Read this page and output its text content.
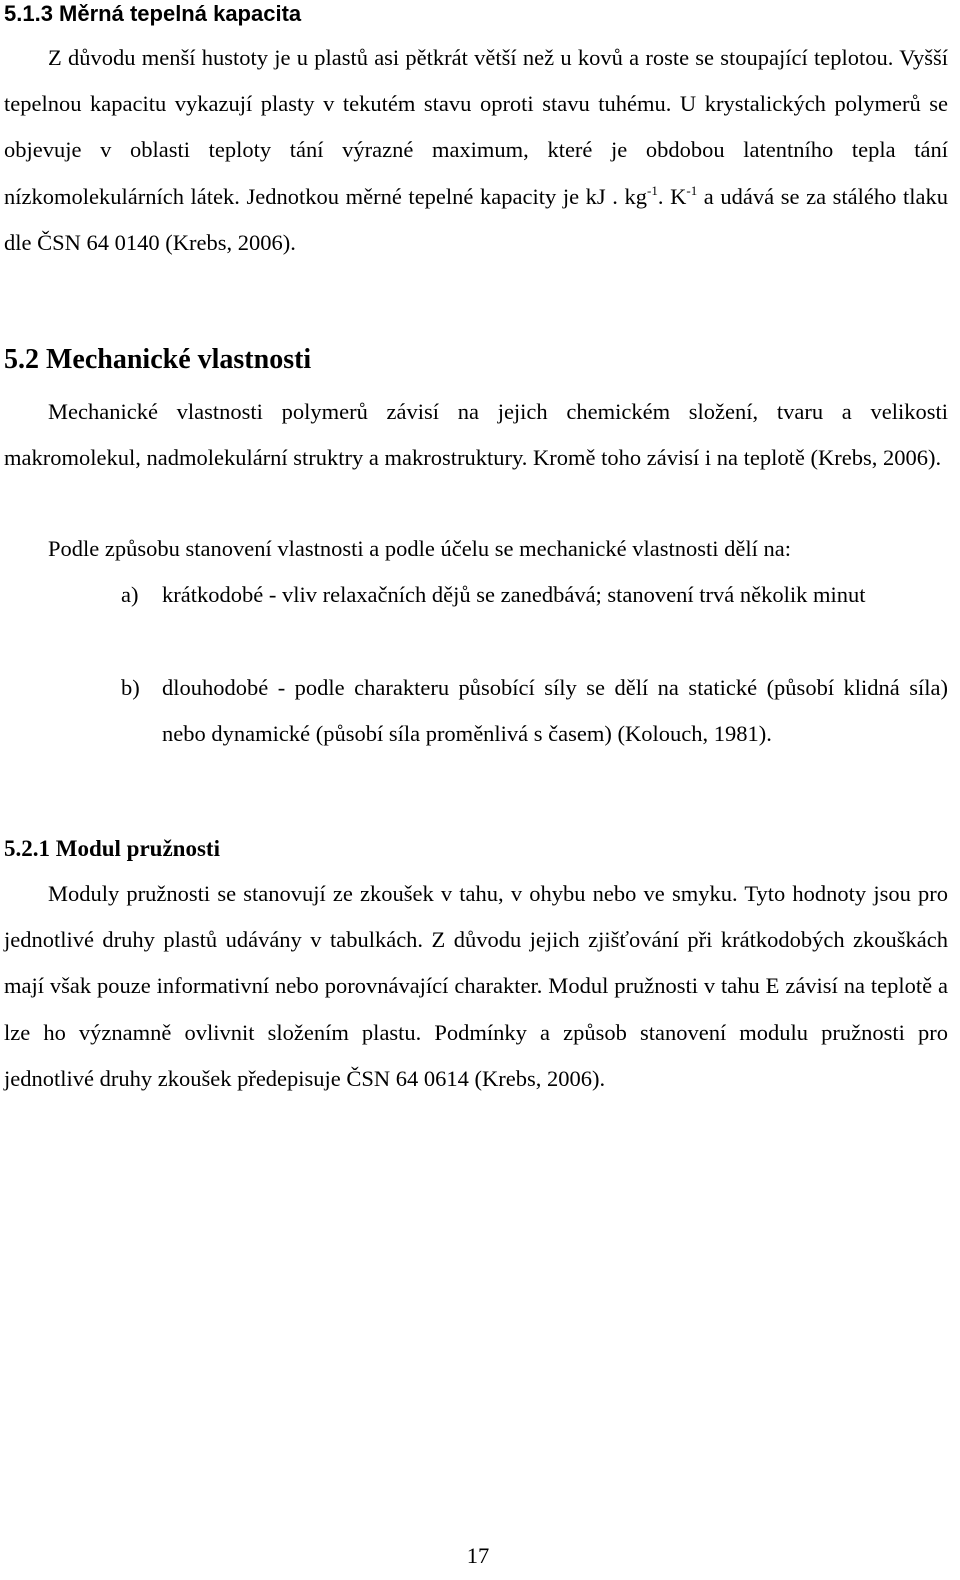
5.1.3 Měrná tepelná kapacita

Z důvodu menší hustoty je u plastů asi pětkrát větší než u kovů a roste se stoupající teplotou. Vyšší tepelnou kapacitu vykazují plasty v tekutém stavu oproti stavu tuhému. U krystalických polymerů se objevuje v oblasti teploty tání výrazné maximum, které je obdobou latentního tepla tání nízkomolekulárních látek. Jednotkou měrné tepelné kapacity je kJ . $kg^{-1}$. $K^{-1}$ a udává se za stálého tlaku dle ČSN 64 0140 (Krebs, 2006).

5.2 Mechanické vlastnosti

Mechanické vlastnosti polymerů závisí na jejich chemickém složení, tvaru a velikosti makromolekul, nadmolekulární struktry a makrostruktury. Kromě toho závisí i na teplotě (Krebs, 2006).

Podle způsobu stanovení vlastnosti a podle účelu se mechanické vlastnosti dělí na:

a) krátkodobé - vliv relaxačních dějů se zanedbává; stanovení trvá několik minut
b) dlouhodobé - podle charakteru působící síly se dělí na statické (působí klidná síla) nebo dynamické (působí síla proměnlivá s časem) (Kolouch, 1981).
5.2.1 Modul pružnosti

Moduly pružnosti se stanovují ze zkoušek v tahu, v ohybu nebo ve smyku. Tyto hodnoty jsou pro jednotlivé druhy plastů udávány v tabulkách. Z důvodu jejich zjišťování při krátkodobých zkouškách mají však pouze informativní nebo porovnávající charakter. Modul pružnosti v tahu E závisí na teplotě a lze ho významně ovlivnit složením plastu. Podmínky a způsob stanovení modulu pružnosti pro jednotlivé druhy zkoušek předepisuje ČSN 64 0614 (Krebs, 2006).

17
